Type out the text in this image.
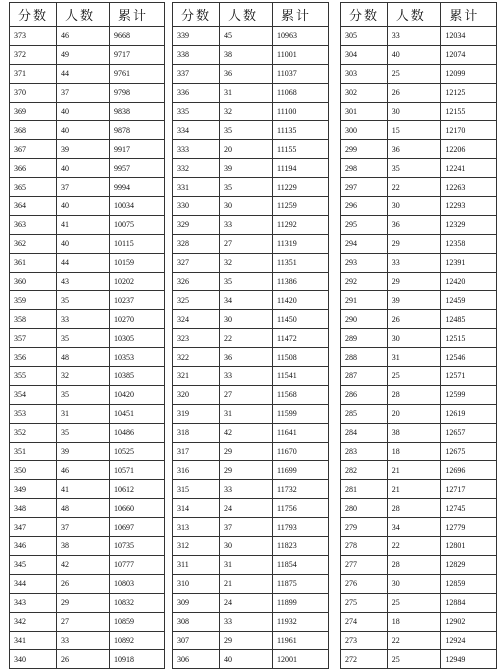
分数	人数	累计
373	46	9668
372	49	9717
371	44	9761
370	37	9798
369	40	9838
368	40	9878
367	39	9917
366	40	9957
365	37	9994
364	40	10034
363	41	10075
362	40	10115
361	44	10159
360	43	10202
359	35	10237
358	33	10270
357	35	10305
356	48	10353
355	32	10385
354	35	10420
353	31	10451
352	35	10486
351	39	10525
350	46	10571
349	41	10612
348	48	10660
347	37	10697
346	38	10735
345	42	10777
344	26	10803
343	29	10832
342	27	10859
341	33	10892
340	26	10918
分数	人数	累计
339	45	10963
338	38	11001
337	36	11037
336	31	11068
335	32	11100
334	35	11135
333	20	11155
332	39	11194
331	35	11229
330	30	11259
329	33	11292
328	27	11319
327	32	11351
326	35	11386
325	34	11420
324	30	11450
323	22	11472
322	36	11508
321	33	11541
320	27	11568
319	31	11599
318	42	11641
317	29	11670
316	29	11699
315	33	11732
314	24	11756
313	37	11793
312	30	11823
311	31	11854
310	21	11875
309	24	11899
308	33	11932
307	29	11961
306	40	12001
分数	人数	累计
305	33	12034
304	40	12074
303	25	12099
302	26	12125
301	30	12155
300	15	12170
299	36	12206
298	35	12241
297	22	12263
296	30	12293
295	36	12329
294	29	12358
293	33	12391
292	29	12420
291	39	12459
290	26	12485
289	30	12515
288	31	12546
287	25	12571
286	28	12599
285	20	12619
284	38	12657
283	18	12675
282	21	12696
281	21	12717
280	28	12745
279	34	12779
278	22	12801
277	28	12829
276	30	12859
275	25	12884
274	18	12902
273	22	12924
272	25	12949
